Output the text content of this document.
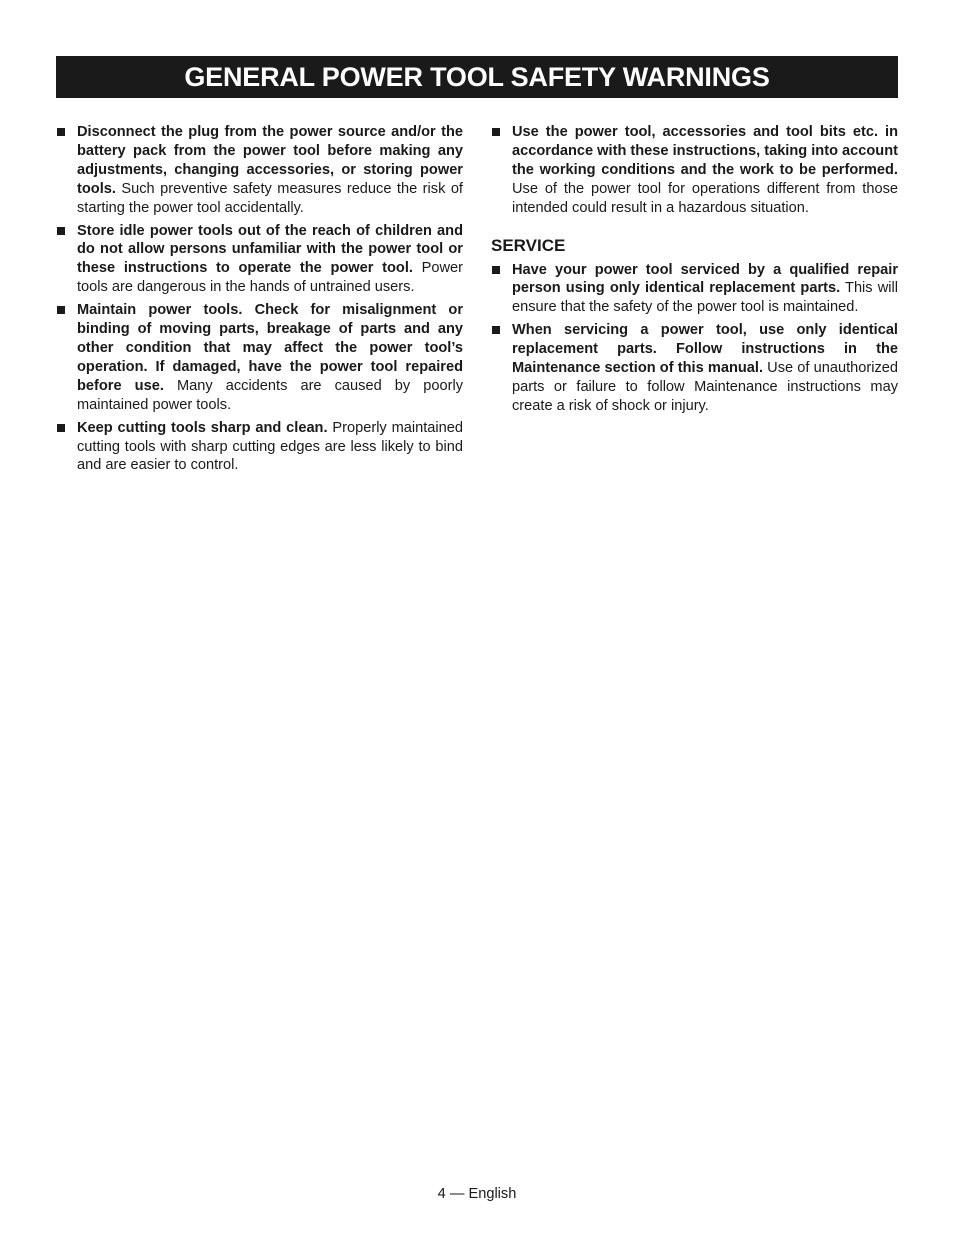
GENERAL POWER TOOL SAFETY WARNINGS
Disconnect the plug from the power source and/or the battery pack from the power tool before making any adjustments, changing accessories, or storing power tools. Such preventive safety measures reduce the risk of starting the power tool accidentally.
Store idle power tools out of the reach of children and do not allow persons unfamiliar with the power tool or these instructions to operate the power tool. Power tools are dangerous in the hands of untrained users.
Maintain power tools. Check for misalignment or binding of moving parts, breakage of parts and any other condition that may affect the power tool’s operation. If damaged, have the power tool repaired before use. Many accidents are caused by poorly maintained power tools.
Keep cutting tools sharp and clean. Properly maintained cutting tools with sharp cutting edges are less likely to bind and are easier to control.
Use the power tool, accessories and tool bits etc. in accordance with these instructions, taking into account the working conditions and the work to be performed. Use of the power tool for operations different from those intended could result in a hazardous situation.
SERVICE
Have your power tool serviced by a qualified repair person using only identical replacement parts. This will ensure that the safety of the power tool is maintained.
When servicing a power tool, use only identical replacement parts. Follow instructions in the Maintenance section of this manual. Use of unauthorized parts or failure to follow Maintenance instructions may create a risk of shock or injury.
4 — English
